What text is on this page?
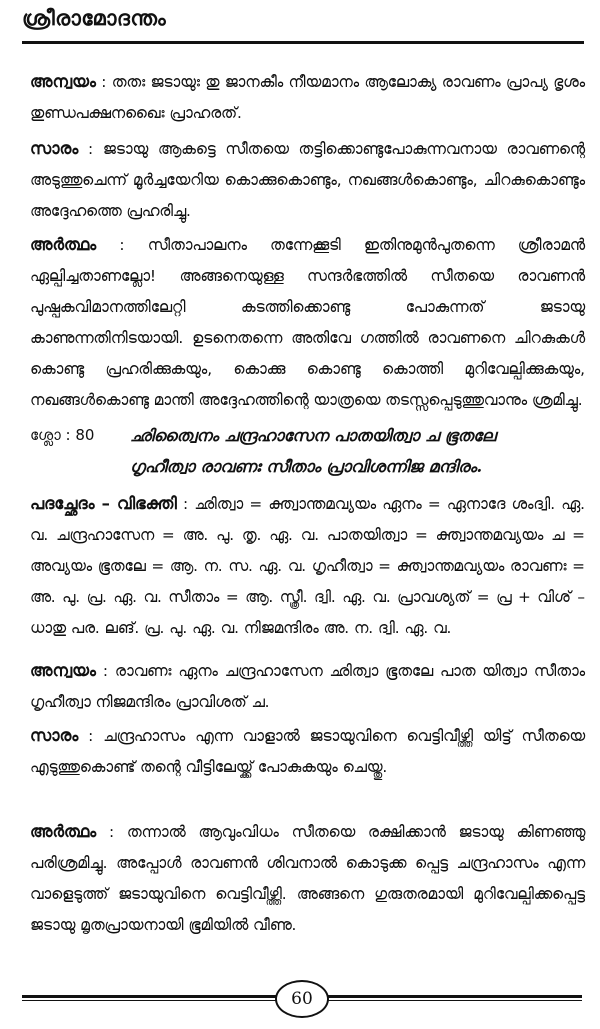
ശ്രീരാമോദന്തം
അന്വയം : തതഃ ജടായുഃ തു ജാനകീം നീയമാനം ആലോക്യ രാവണം പ്രാപ്യ ഭൃശം തുണ്ഡപക്ഷനഖൈഃ പ്രാഹരത്.
സാരം : ജടായു ആകട്ടെ സീതയെ തട്ടിക്കൊണ്ടുപോകുന്നവനായ രാവണന്റെ അടുത്തുചെന്ന് മൂർച്ചയേറിയ കൊക്കുകൊണ്ടും, നഖങ്ങൾകൊണ്ടും, ചിറകുകൊണ്ടും അദ്ദേഹത്തെ പ്രഹരിച്ചു.
അർത്ഥം : സീതാപാലനം തന്നേക്കൂടി ഇതിനുമുൻപുതന്നെ ശ്രീരാമൻ ഏല്പിച്ചതാണല്ലോ! അങ്ങനെയുള്ള സന്ദർഭത്തിൽ സീതയെ രാവണൻ പുഷ്പകവിമാനത്തിലേറ്റി കടത്തിക്കൊണ്ടു പോകുന്നത് ജടായു കാണുന്നതിനിടയായി. ഉടനെതന്നെ അതിവേ ഗത്തിൽ രാവണനെ ചിറകുകൾ കൊണ്ടു പ്രഹരിക്കുകയും, കൊക്കു കൊണ്ടു കൊത്തി മുറിവേല്പിക്കുകയും, നഖങ്ങൾകൊണ്ടു മാന്തി അദ്ദേഹത്തിന്റെ യാത്രയെ തടസ്സപ്പെടുത്തുവാനും ശ്രമിച്ചു.
ശ്ലോ : 80 ഛിത്വൈനം ചന്ദ്രഹാസേന പാതയിത്വാ ച ഭൂതലേ
ഗൃഹീത്വാ രാവണഃ സീതാം പ്രാവിശന്നിജ മന്ദിരം.
പദച്ഛേദം – വിഭക്തി : ഛിത്വാ = ക്ത്വാന്തമവ്യയം ഏനം = ഏനാദേ ശംദ്വി. ഏ. വ. ചന്ദ്രഹാസേന = അ. പു. തൃ. ഏ. വ. പാതയിത്വാ = ക്ത്വാന്തമവ്യയം ച = അവ്യയം ഭൂതലേ = ആ. ന. സ. ഏ. വ. ഗൃഹീത്വാ = ക്ത്വാന്തമവ്യയം രാവണഃ = അ. പു. പ്ര. ഏ. വ. സീതാം = ആ. സ്ത്രീ. ദ്വി. ഏ. വ. പ്രാവശ്യത് = പ്ര + വിശ് – ധാതു പര. ലങ്. പ്ര. പു. ഏ. വ. നിജമന്ദിരം അ. ന. ദ്വി. ഏ. വ.
അന്വയം : രാവണഃ ഏനം ചന്ദ്രഹാസേന ഛിത്വാ ഭൂതലേ പാത യിത്വാ സീതാം ഗൃഹീത്വാ നിജമന്ദിരം പ്രാവിശത് ച.
സാരം : ചന്ദ്രഹാസം എന്ന വാളാൽ ജടായുവിനെ വെട്ടിവീഴ്ത്തി യിട്ട് സീതയെ എടുത്തുകൊണ്ട് തന്റെ വീട്ടിലേയ്ക്ക് പോകുകയും ചെയ്തു.
അർത്ഥം : തന്നാൽ ആവുംവിധം സീതയെ രക്ഷിക്കാൻ ജടായു കിണഞ്ഞു പരിശ്രമിച്ചു. അപ്പോൾ രാവണൻ ശിവനാൽ കൊടുക്ക പ്പെട്ട ചന്ദ്രഹാസം എന്ന വാളെടുത്ത് ജടായുവിനെ വെട്ടിവീഴ്ത്തി. അങ്ങനെ ഗുരുതരമായി മുറിവേല്പിക്കപ്പെട്ട ജടായു മൃതപ്രായനായി ഭൂമിയിൽ വീണു.
60
